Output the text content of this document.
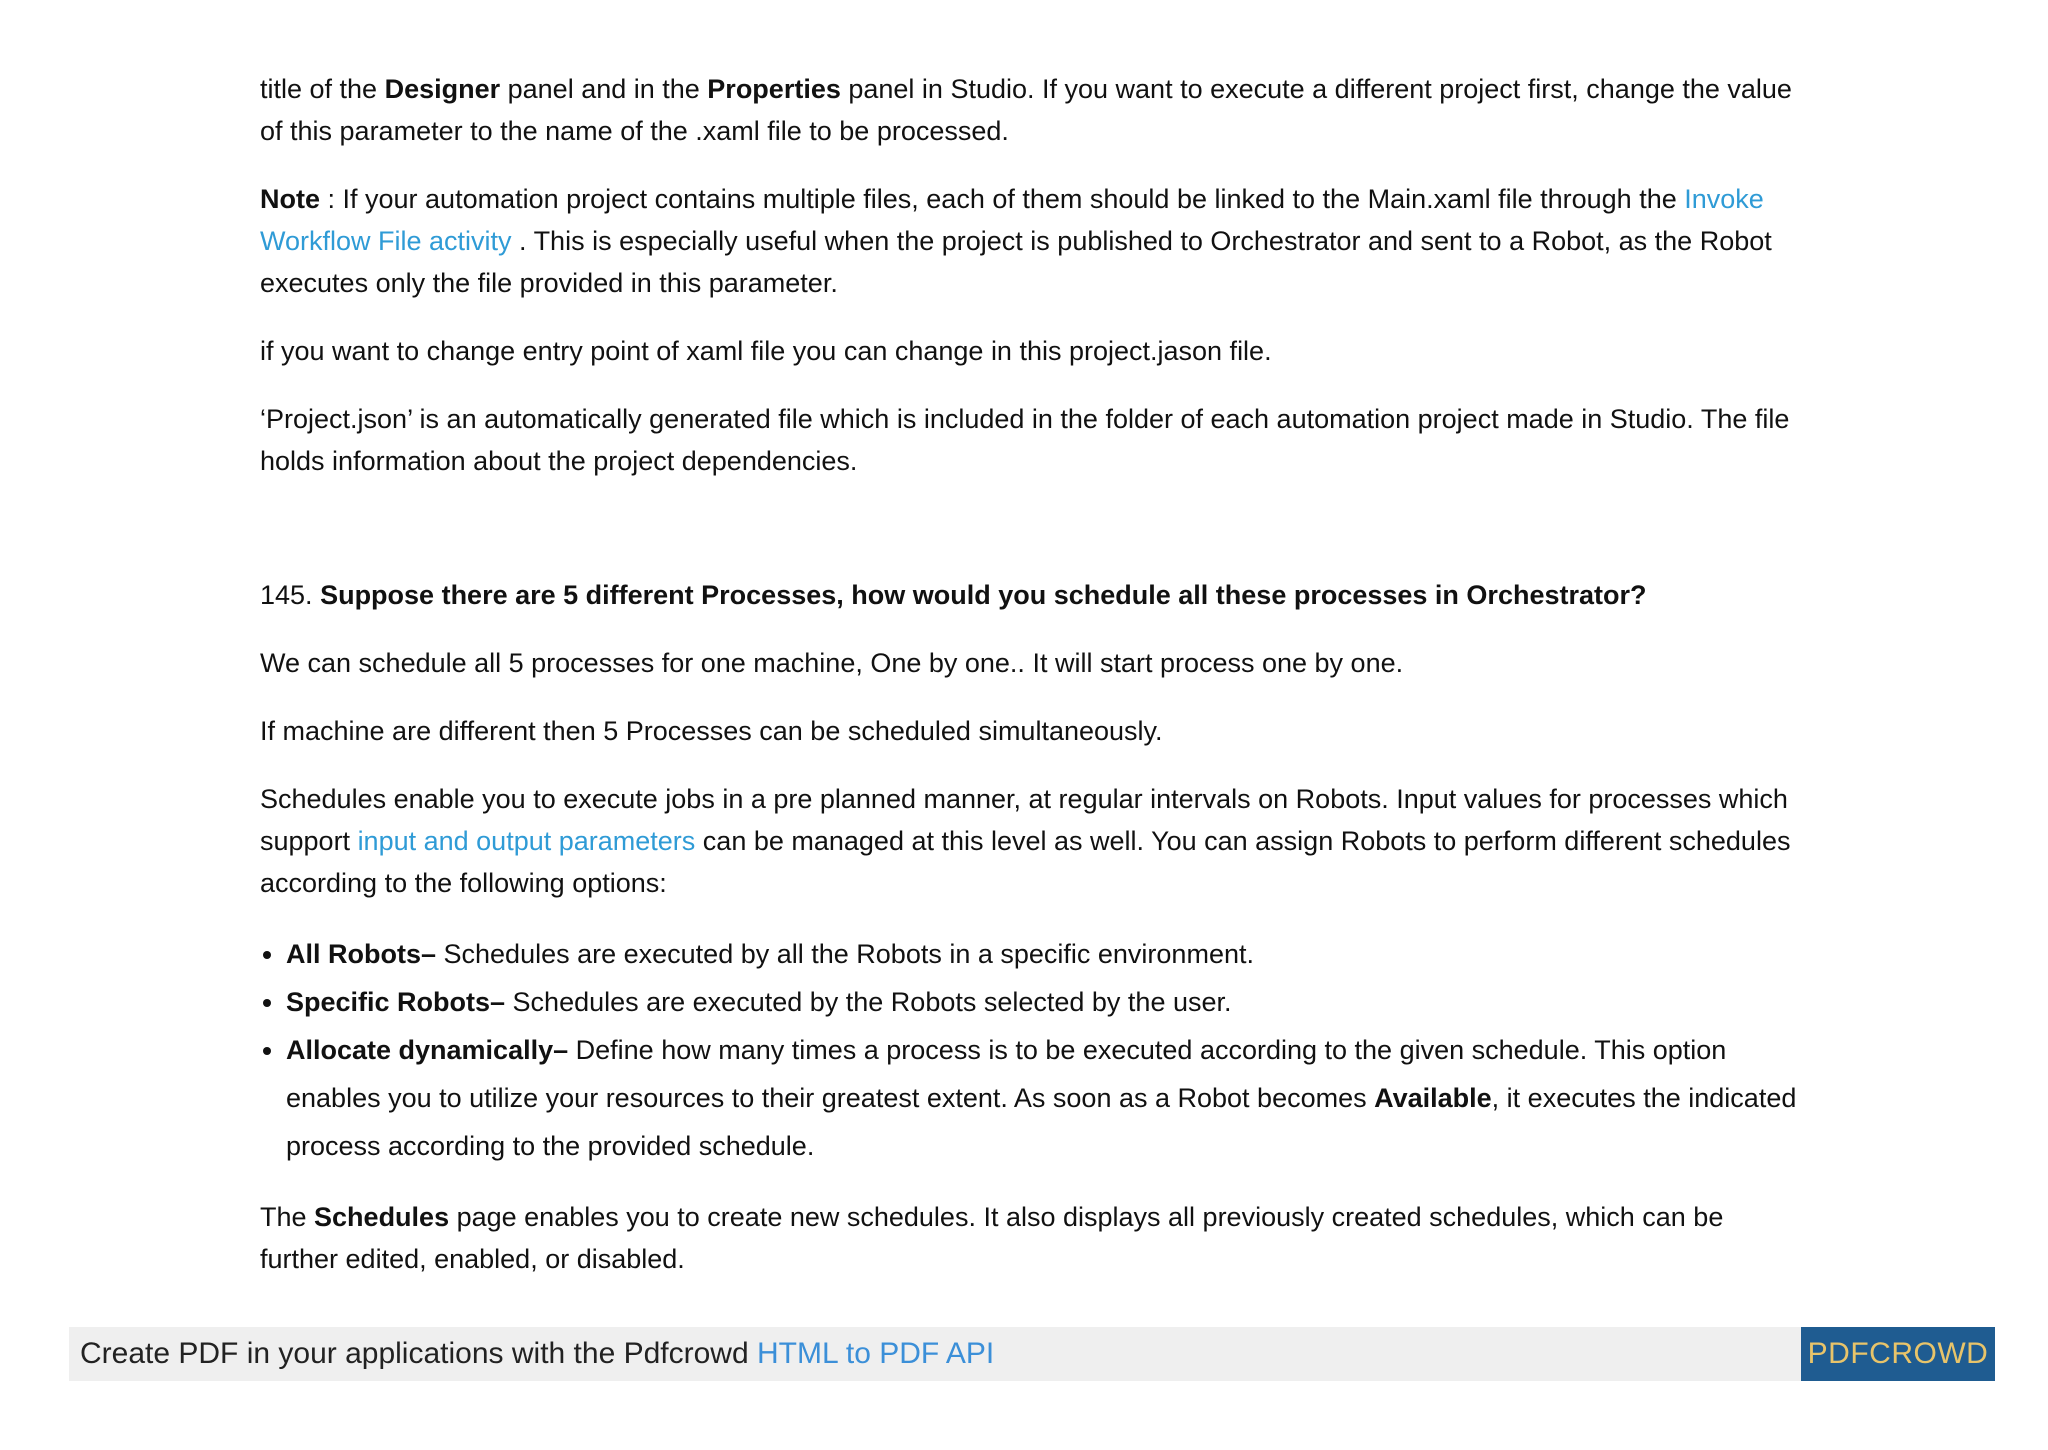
title of the Designer panel and in the Properties panel in Studio. If you want to execute a different project first, change the value of this parameter to the name of the .xaml file to be processed.

Note : If your automation project contains multiple files, each of them should be linked to the Main.xaml file through the Invoke Workflow File activity . This is especially useful when the project is published to Orchestrator and sent to a Robot, as the Robot executes only the file provided in this parameter.

if you want to change entry point of xaml file you can change in this project.jason file.

‘Project.json’ is an automatically generated file which is included in the folder of each automation project made in Studio. The file holds information about the project dependencies.

145. Suppose there are 5 different Processes, how would you schedule all these processes in Orchestrator?

We can schedule all 5 processes for one machine, One by one.. It will start process one by one.

If machine are different then 5 Processes can be scheduled simultaneously.

Schedules enable you to execute jobs in a pre planned manner, at regular intervals on Robots. Input values for processes which support input and output parameters can be managed at this level as well. You can assign Robots to perform different schedules according to the following options:

• All Robots– Schedules are executed by all the Robots in a specific environment.
• Specific Robots– Schedules are executed by the Robots selected by the user.
• Allocate dynamically– Define how many times a process is to be executed according to the given schedule. This option enables you to utilize your resources to their greatest extent. As soon as a Robot becomes Available, it executes the indicated process according to the provided schedule.

The Schedules page enables you to create new schedules. It also displays all previously created schedules, which can be further edited, enabled, or disabled.

Create PDF in your applications with the Pdfcrowd HTML to PDF API	PDFCROWD
